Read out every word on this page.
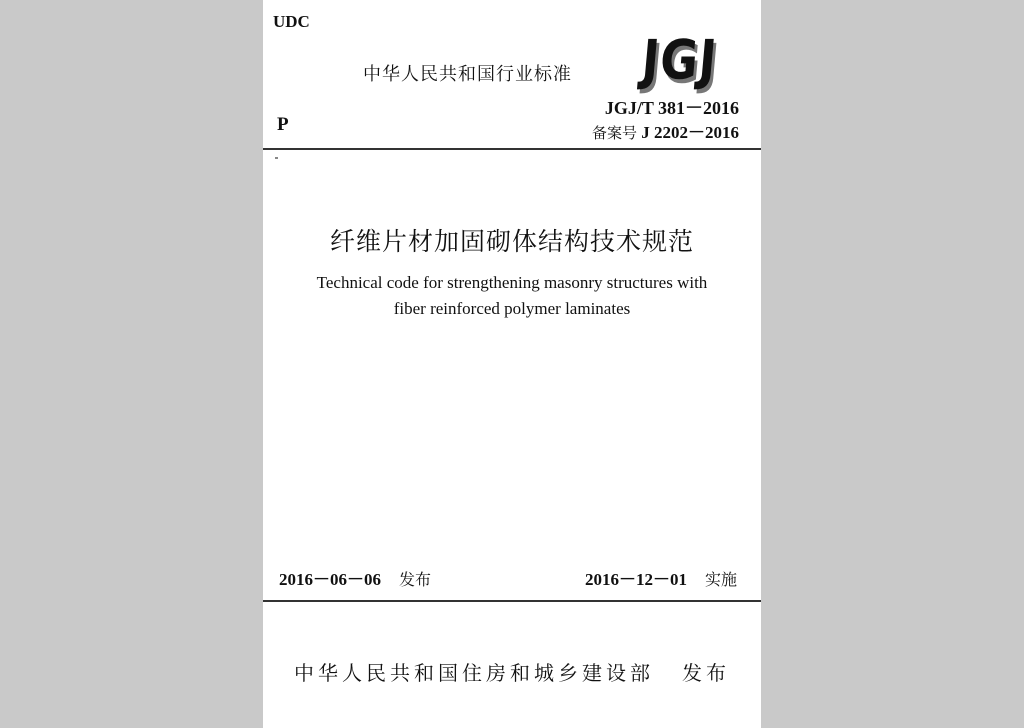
UDC
中华人民共和国行业标准 JGJ
P
JGJ/T 381－2016
备案号 J 2202－2016
纤维片材加固砌体结构技术规范
Technical code for strengthening masonry structures with
fiber reinforced polymer laminates
2016－06－06 发布	2016－12－01 实施
中华人民共和国住房和城乡建设部 发布
